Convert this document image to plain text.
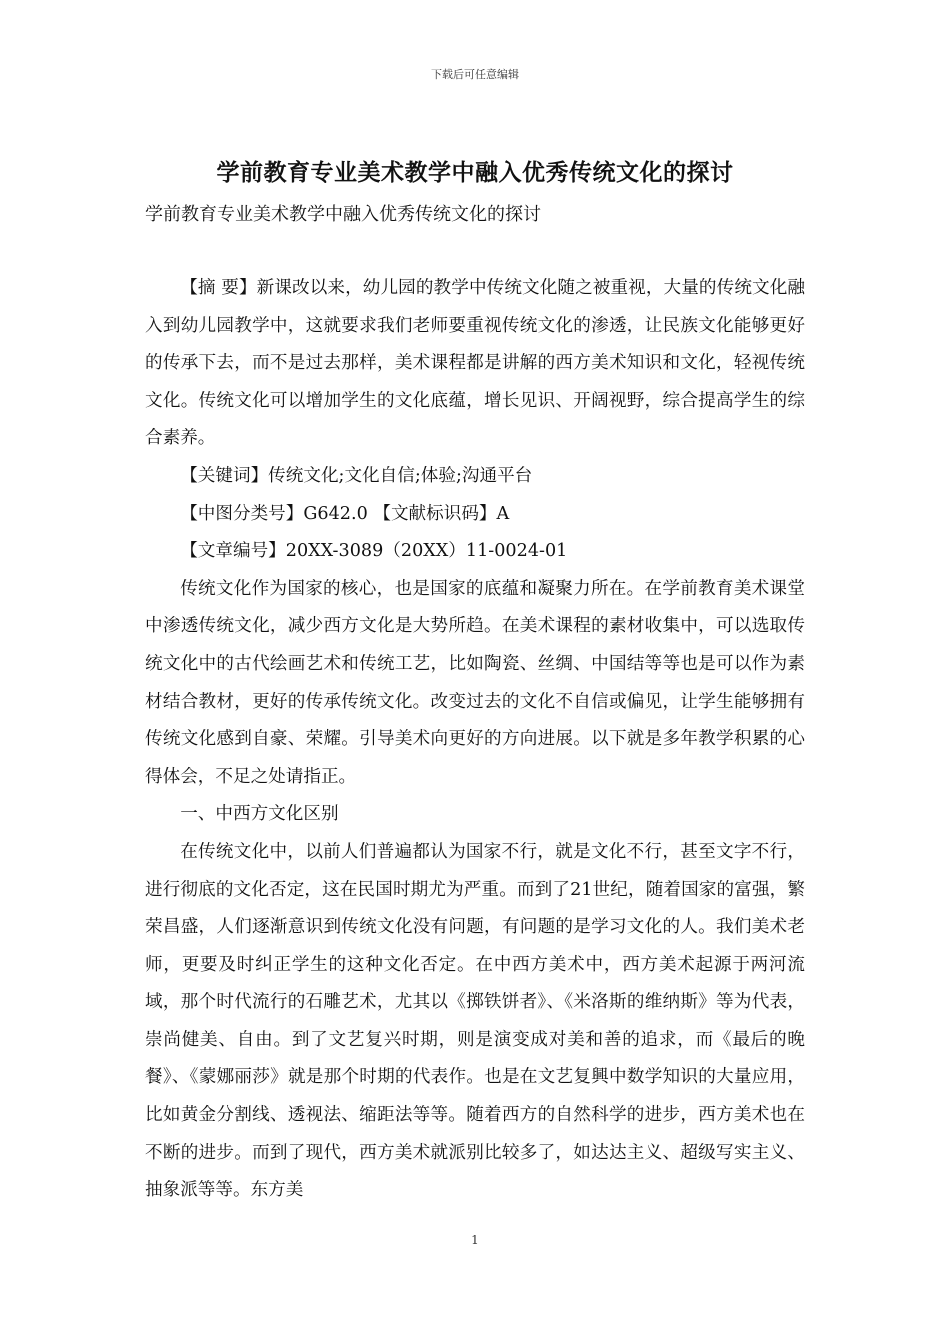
下载后可任意编辑
学前教育专业美术教学中融入优秀传统文化的探讨
学前教育专业美术教学中融入优秀传统文化的探讨

【摘 要】新课改以来，幼儿园的教学中传统文化随之被重视，大量的传统文化融入到幼儿园教学中，这就要求我们老师要重视传统文化的渗透，让民族文化能够更好的传承下去，而不是过去那样，美术课程都是讲解的西方美术知识和文化，轻视传统文化。传统文化可以增加学生的文化底蕴，增长见识、开阔视野，综合提高学生的综合素养。

【关键词】传统文化;文化自信;体验;沟通平台

【中图分类号】G642.0 【文献标识码】A

【文章编号】20XX-3089（20XX）11-0024-01

传统文化作为国家的核心，也是国家的底蕴和凝聚力所在。在学前教育美术课堂中渗透传统文化，减少西方文化是大势所趋。在美术课程的素材收集中，可以选取传统文化中的古代绘画艺术和传统工艺，比如陶瓷、丝绸、中国结等等也是可以作为素材结合教材，更好的传承传统文化。改变过去的文化不自信或偏见，让学生能够拥有传统文化感到自豪、荣耀。引导美术向更好的方向进展。以下就是多年教学积累的心得体会，不足之处请指正。

一、中西方文化区别

在传统文化中，以前人们普遍都认为国家不行，就是文化不行，甚至文字不行，进行彻底的文化否定，这在民国时期尤为严重。而到了21世纪，随着国家的富强，繁荣昌盛，人们逐渐意识到传统文化没有问题，有问题的是学习文化的人。我们美术老师，更要及时纠正学生的这种文化否定。在中西方美术中，西方美术起源于两河流域，那个时代流行的石雕艺术，尤其以《掷铁饼者》、《米洛斯的维纳斯》等为代表，崇尚健美、自由。到了文艺复兴时期，则是演变成对美和善的追求，而《最后的晚餐》、《蒙娜丽莎》就是那个时期的代表作。也是在文艺复興中数学知识的大量应用，比如黄金分割线、透视法、缩距法等等。随着西方的自然科学的进步，西方美术也在不断的进步。而到了现代，西方美术就派别比较多了，如达达主义、超级写实主义、抽象派等等。东方美

1
